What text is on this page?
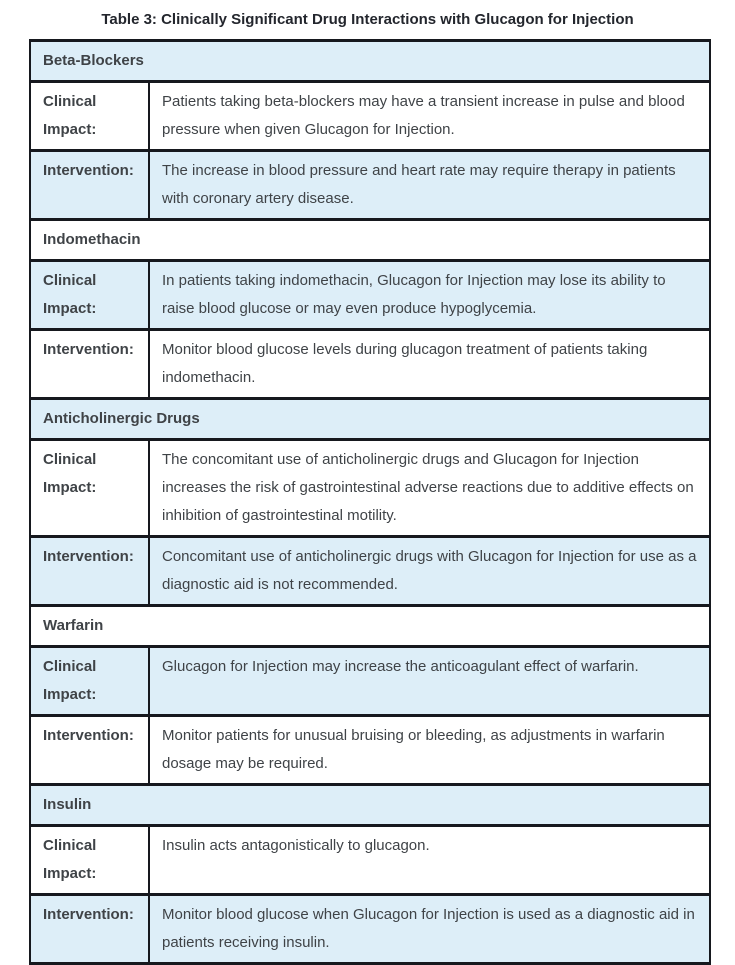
Table 3: Clinically Significant Drug Interactions with Glucagon for Injection
Beta-Blockers	
Clinical Impact:	Patients taking beta-blockers may have a transient increase in pulse and blood pressure when given Glucagon for Injection.
Intervention:	The increase in blood pressure and heart rate may require therapy in patients with coronary artery disease.
Indomethacin	
Clinical Impact:	In patients taking indomethacin, Glucagon for Injection may lose its ability to raise blood glucose or may even produce hypoglycemia.
Intervention:	Monitor blood glucose levels during glucagon treatment of patients taking indomethacin.
Anticholinergic Drugs	
Clinical Impact:	The concomitant use of anticholinergic drugs and Glucagon for Injection increases the risk of gastrointestinal adverse reactions due to additive effects on inhibition of gastrointestinal motility.
Intervention:	Concomitant use of anticholinergic drugs with Glucagon for Injection for use as a diagnostic aid is not recommended.
Warfarin	
Clinical Impact:	Glucagon for Injection may increase the anticoagulant effect of warfarin.
Intervention:	Monitor patients for unusual bruising or bleeding, as adjustments in warfarin dosage may be required.
Insulin	
Clinical Impact:	Insulin acts antagonistically to glucagon.
Intervention:	Monitor blood glucose when Glucagon for Injection is used as a diagnostic aid in patients receiving insulin.
